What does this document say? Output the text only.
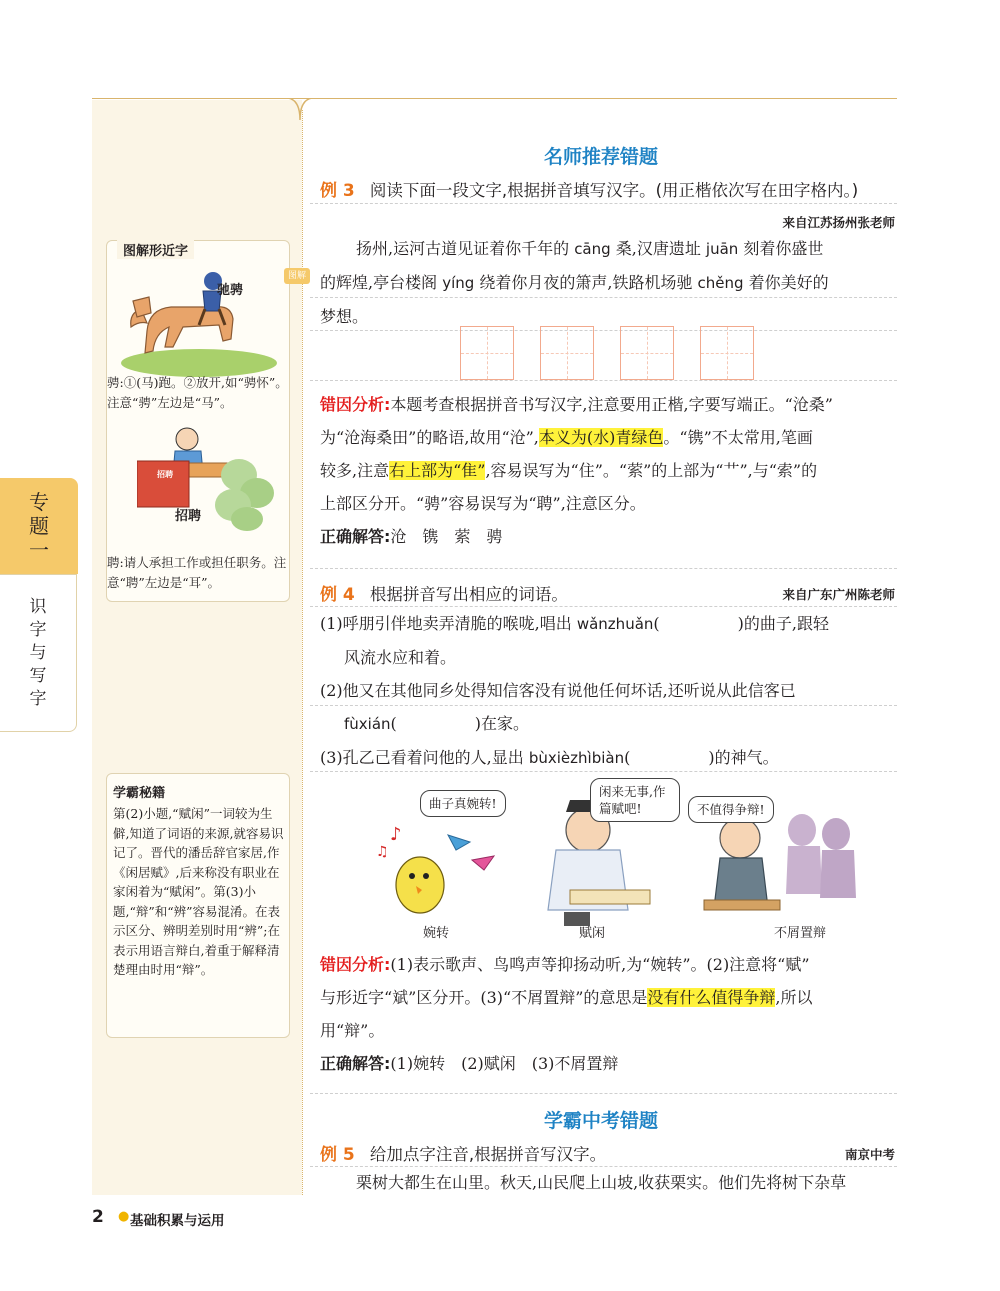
专
题
一
识
字
与
写
字
图解形近字
驰骋
骋:①(马)跑。②放开,如“骋怀”。注意“骋”左边是“马”。
招聘
招聘
聘:请人承担工作或担任职务。注意“聘”左边是“耳”。
图解
学霸秘籍
第(2)小题,“赋闲”一词较为生僻,知道了词语的来源,就容易识记了。晋代的潘岳辞官家居,作《闲居赋》,后来称没有职业在家闲着为“赋闲”。第(3)小题,“辩”和“辨”容易混淆。在表示区分、辨明差别时用“辨”;在表示用语言辩白,着重于解释清楚理由时用“辩”。
名师推荐错题
例 3 阅读下面一段文字,根据拼音填写汉字。(用正楷依次写在田字格内。)
来自江苏扬州张老师
扬州,运河古道见证着你千年的 cāng 桑,汉唐遗址 juān 刻着你盛世
的辉煌,亭台楼阁 yíng 绕着你月夜的箫声,铁路机场驰 chěng 着你美好的
梦想。
错因分析:本题考查根据拼音书写汉字,注意要用正楷,字要写端正。“沧桑”
为“沧海桑田”的略语,故用“沧”,本义为(水)青绿色。“镌”不太常用,笔画
较多,注意右上部为“隹”,容易误写为“住”。“萦”的上部为“艹”,与“索”的
上部区分开。“骋”容易误写为“聘”,注意区分。
正确解答:沧　镌　萦　骋
例 4 根据拼音写出相应的词语。	来自广东广州陈老师
(1)呼朋引伴地卖弄清脆的喉咙,唱出 wǎnzhuǎn(	)的曲子,跟轻
风流水应和着。
(2)他又在其他同乡处得知信客没有说他任何坏话,还听说从此信客已
fùxián(	)在家。
(3)孔乙己看着问他的人,显出 bùxièzhìbiàn(	)的神气。
♪
♫
曲子真婉转!
闲来无事,作篇赋吧!	不值得争辩!
婉转	赋闲	不屑置辩
错因分析:(1)表示歌声、鸟鸣声等抑扬动听,为“婉转”。(2)注意将“赋”
与形近字“斌”区分开。(3)“不屑置辩”的意思是没有什么值得争辩,所以
用“辩”。
正确解答:(1)婉转　(2)赋闲　(3)不屑置辩
学霸中考错题
例 5 给加点字注音,根据拼音写汉字。	南京中考
栗树大都生在山里。秋天,山民爬上山坡,收获栗实。他们先将树下杂草
2 ● 基础积累与运用
